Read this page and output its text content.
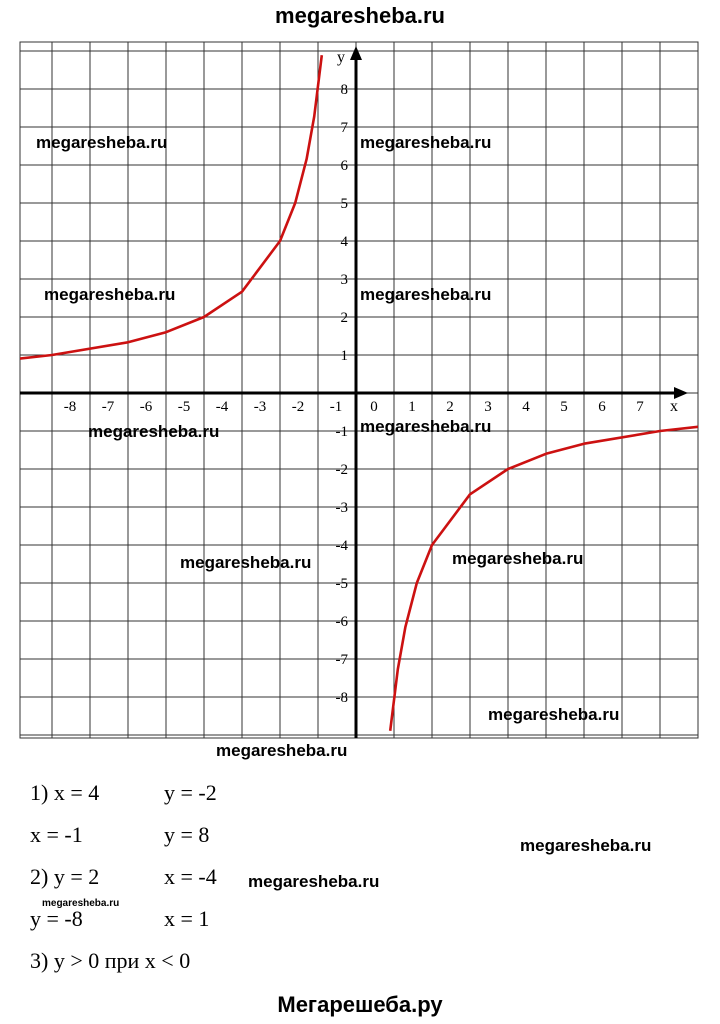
megaresheba.ru
x
y
-8 -7 -6 -5 -4 -3 -2 -1 0 1 2 3 4 5 6 7
8
7
6
5
4
3
2
1
-1
-2
-3
-4
-5
-6
-7
-8
megaresheba.ru	megaresheba.ru
megaresheba.ru	megaresheba.ru
megaresheba.ru	megaresheba.ru
megaresheba.ru	megaresheba.ru
megaresheba.ru
megaresheba.ru
1) x = 4	y = -2
x = -1	y = 8
2) y = 2	x = -4
y = -8	x = 1
3) y > 0 при x < 0
megaresheba.ru
megaresheba.ru
megaresheba.ru
Мегарешеба.ру
